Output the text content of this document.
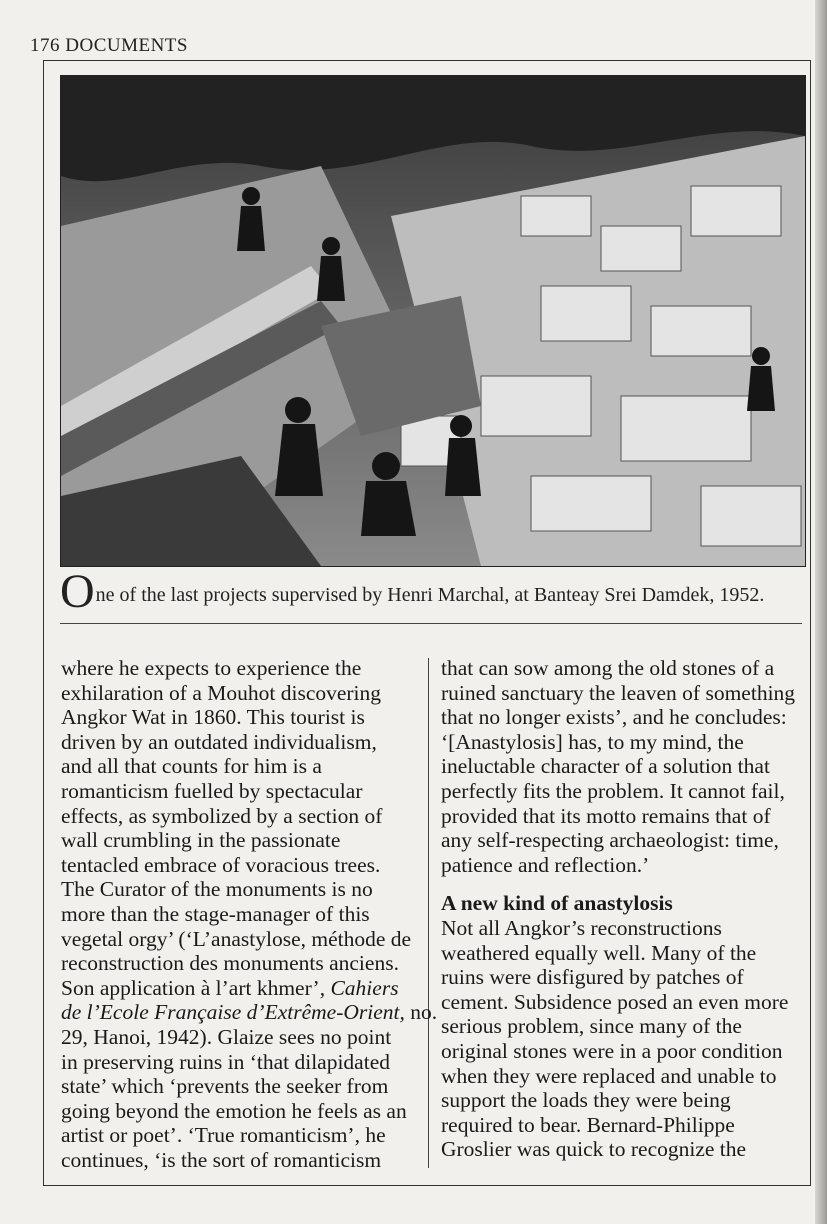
176 DOCUMENTS
One of the last projects supervised by Henri Marchal, at Banteay Srei Damdek, 1952.
where he expects to experience the
exhilaration of a Mouhot discovering
Angkor Wat in 1860. This tourist is
driven by an outdated individualism,
and all that counts for him is a
romanticism fuelled by spectacular
effects, as symbolized by a section of
wall crumbling in the passionate
tentacled embrace of voracious trees.
The Curator of the monuments is no
more than the stage-manager of this
vegetal orgy’ (‘L’anastylose, méthode de
reconstruction des monuments anciens.
Son application à l’art khmer’, Cahiers
de l’Ecole Française d’Extrême-Orient, no.
29, Hanoi, 1942). Glaize sees no point
in preserving ruins in ‘that dilapidated
state’ which ‘prevents the seeker from
going beyond the emotion he feels as an
artist or poet’. ‘True romanticism’, he
continues, ‘is the sort of romanticism
that can sow among the old stones of a
ruined sanctuary the leaven of something
that no longer exists’, and he concludes:
‘[Anastylosis] has, to my mind, the
ineluctable character of a solution that
perfectly fits the problem. It cannot fail,
provided that its motto remains that of
any self-respecting archaeologist: time,
patience and reflection.’
A new kind of anastylosis
Not all Angkor’s reconstructions
weathered equally well. Many of the
ruins were disfigured by patches of
cement. Subsidence posed an even more
serious problem, since many of the
original stones were in a poor condition
when they were replaced and unable to
support the loads they were being
required to bear. Bernard-Philippe
Groslier was quick to recognize the
